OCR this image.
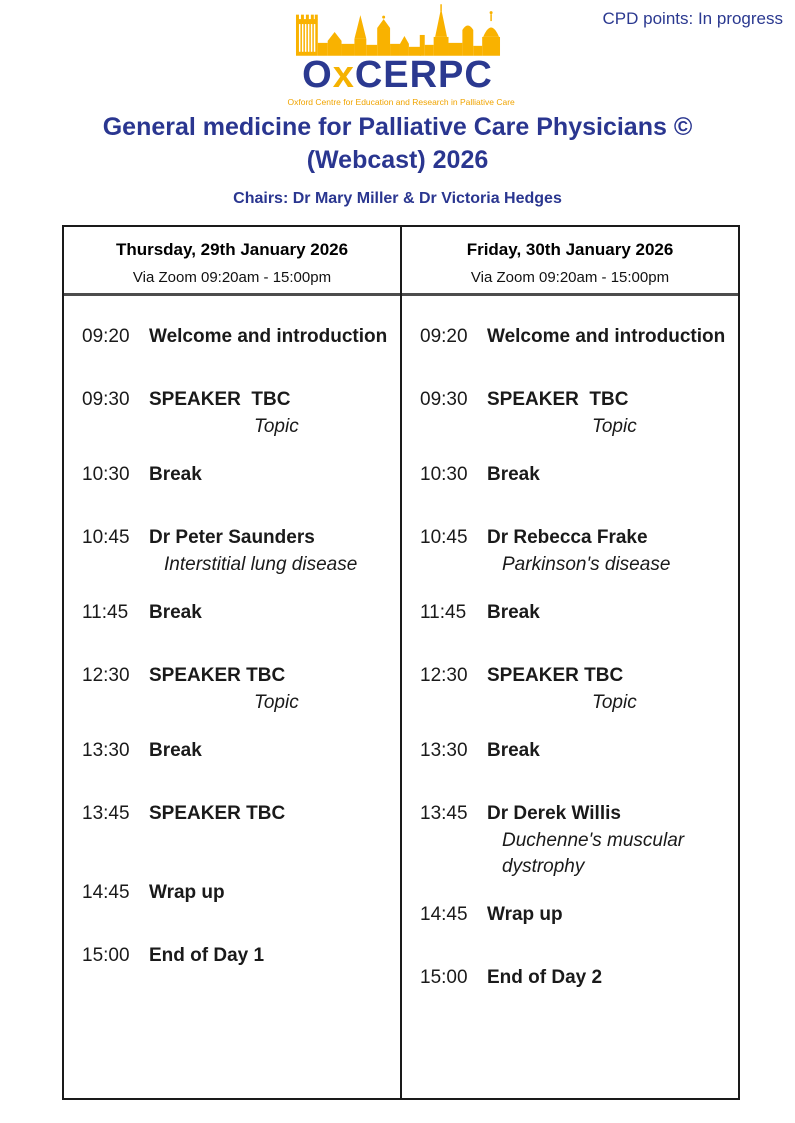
OxCERPC
Oxford Centre for Education and Research in Palliative Care
CPD points: In progress
General medicine for Palliative Care Physicians ©
(Webcast) 2026
Chairs: Dr Mary Miller & Dr Victoria Hedges
Thursday, 29th January 2026
Via Zoom 09:20am - 15:00pm
09:20 Welcome and introduction
09:30 SPEAKER  TBC
Topic
10:30 Break
10:45 Dr Peter Saunders
Interstitial lung disease
11:45 Break
12:30 SPEAKER TBC
Topic
13:30 Break
13:45 SPEAKER TBC
14:45 Wrap up
15:00 End of Day 1
Friday, 30th January 2026
Via Zoom 09:20am - 15:00pm
09:20 Welcome and introduction
09:30 SPEAKER  TBC
Topic
10:30 Break
10:45 Dr Rebecca Frake
Parkinson's disease
11:45 Break
12:30 SPEAKER TBC
Topic
13:30 Break
13:45 Dr Derek Willis
Duchenne's muscular dystrophy
14:45 Wrap up
15:00 End of Day 2
